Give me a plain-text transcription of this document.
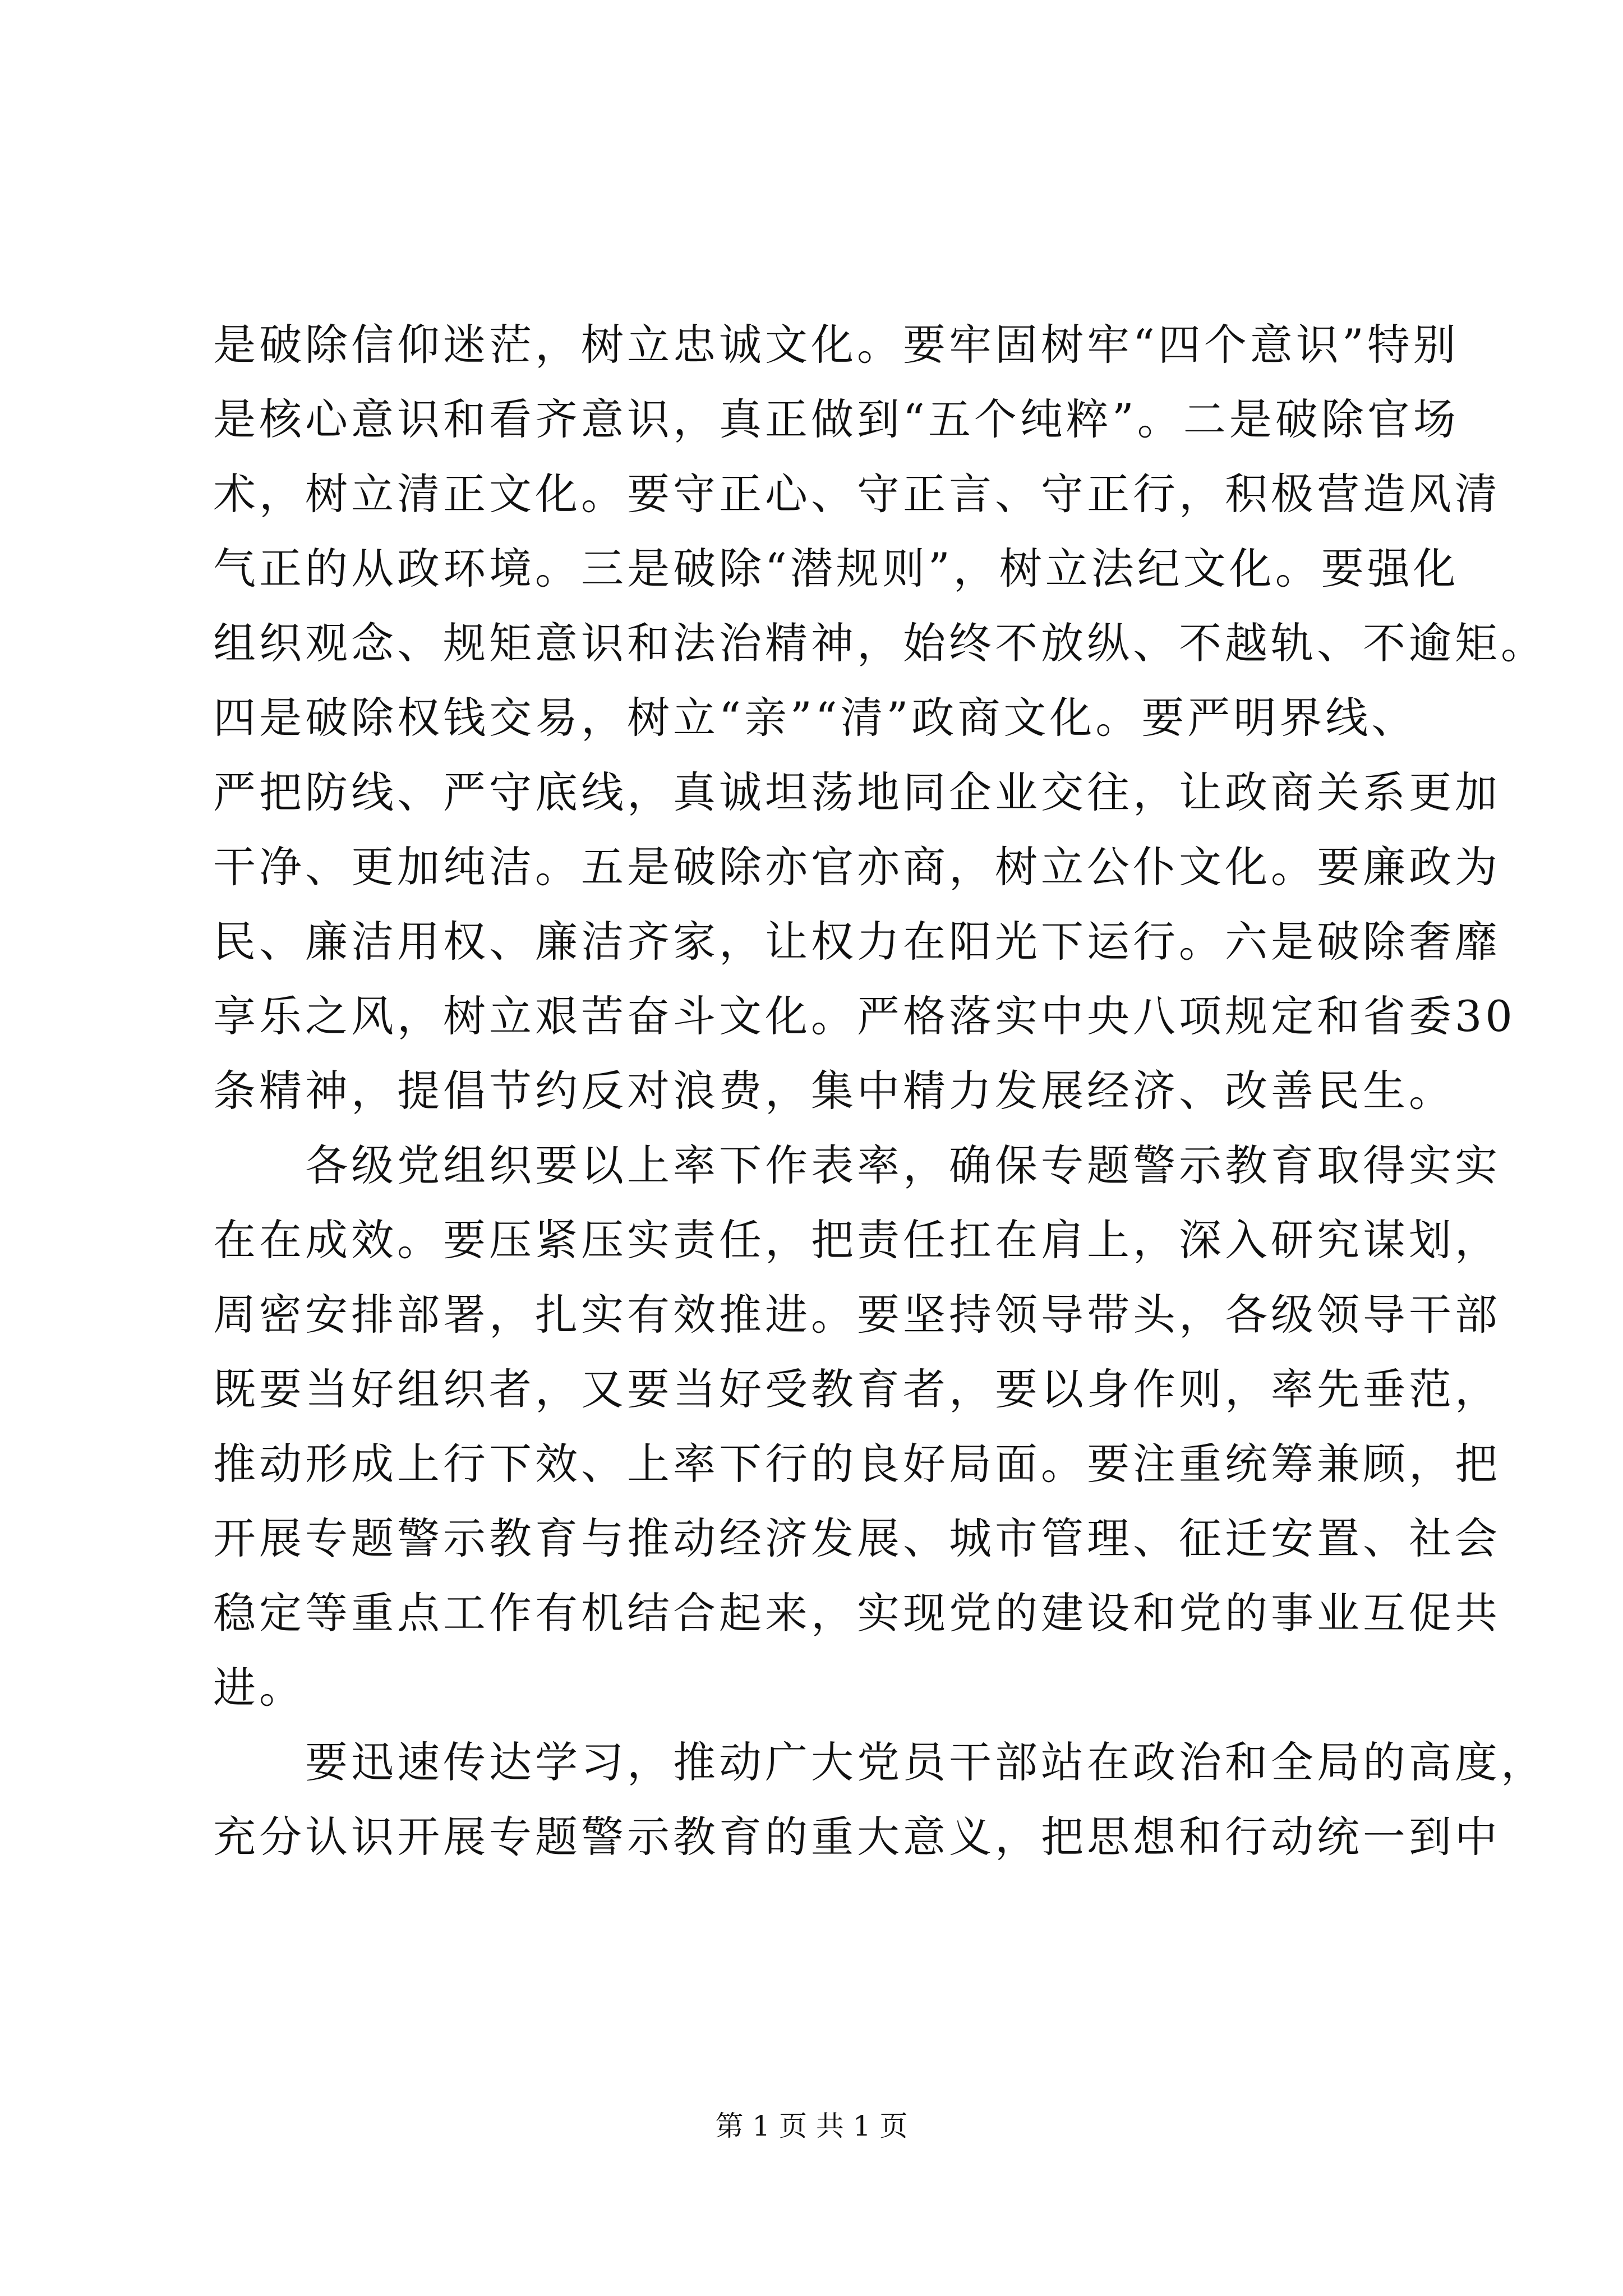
是破除信仰迷茫，树立忠诚文化。要牢固树牢“四个意识”特别
是核心意识和看齐意识，真正做到“五个纯粹”。二是破除官场
术，树立清正文化。要守正心、守正言、守正行，积极营造风清
气正的从政环境。三是破除“潜规则”，树立法纪文化。要强化
组织观念、规矩意识和法治精神，始终不放纵、不越轨、不逾矩。
四是破除权钱交易，树立“亲”“清”政商文化。要严明界线、
严把防线、严守底线，真诚坦荡地同企业交往，让政商关系更加
干净、更加纯洁。五是破除亦官亦商，树立公仆文化。要廉政为
民、廉洁用权、廉洁齐家，让权力在阳光下运行。六是破除奢靡
享乐之风，树立艰苦奋斗文化。严格落实中央八项规定和省委30
条精神，提倡节约反对浪费，集中精力发展经济、改善民生。
　　各级党组织要以上率下作表率，确保专题警示教育取得实实
在在成效。要压紧压实责任，把责任扛在肩上，深入研究谋划，
周密安排部署，扎实有效推进。要坚持领导带头，各级领导干部
既要当好组织者，又要当好受教育者，要以身作则，率先垂范，
推动形成上行下效、上率下行的良好局面。要注重统筹兼顾，把
开展专题警示教育与推动经济发展、城市管理、征迁安置、社会
稳定等重点工作有机结合起来，实现党的建设和党的事业互促共
进。
　　要迅速传达学习，推动广大党员干部站在政治和全局的高度，
充分认识开展专题警示教育的重大意义，把思想和行动统一到中
第 1 页 共 1 页
